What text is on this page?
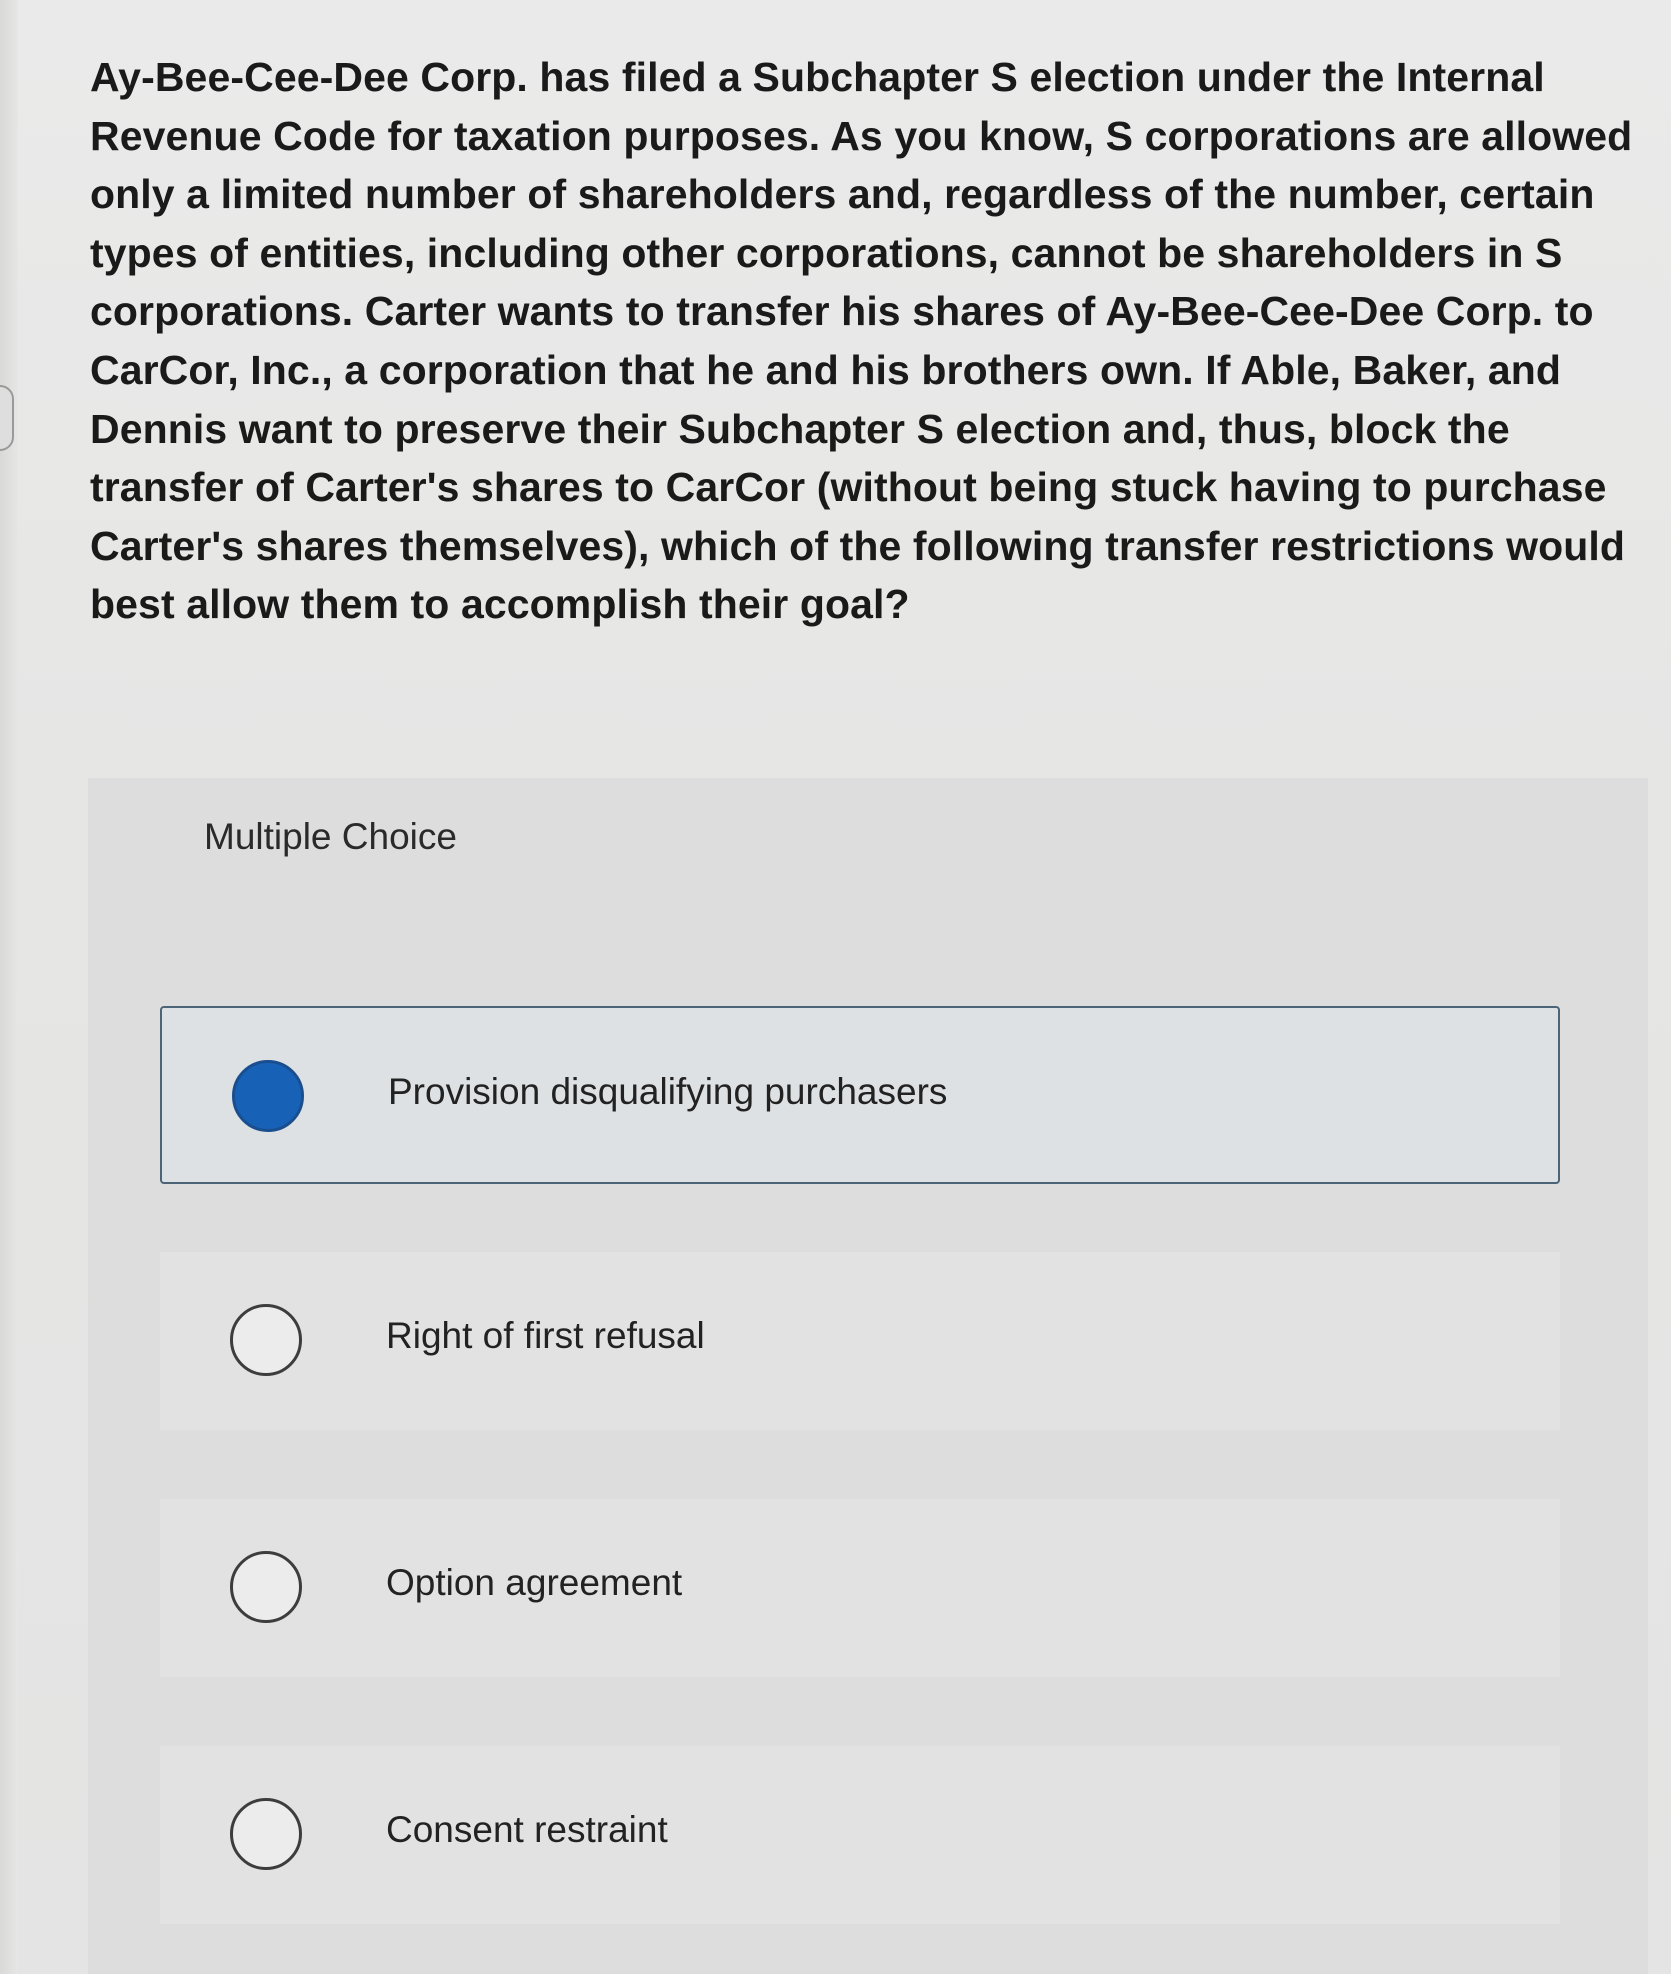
Ay-Bee-Cee-Dee Corp. has filed a Subchapter S election under the Internal
Revenue Code for taxation purposes. As you know, S corporations are allowed
only a limited number of shareholders and, regardless of the number, certain
types of entities, including other corporations, cannot be shareholders in S
corporations. Carter wants to transfer his shares of Ay-Bee-Cee-Dee Corp. to
CarCor, Inc., a corporation that he and his brothers own. If Able, Baker, and
Dennis want to preserve their Subchapter S election and, thus, block the
transfer of Carter's shares to CarCor (without being stuck having to purchase
Carter's shares themselves), which of the following transfer restrictions would
best allow them to accomplish their goal?

Multiple Choice
Provision disqualifying purchasers
Right of first refusal
Option agreement
Consent restraint
